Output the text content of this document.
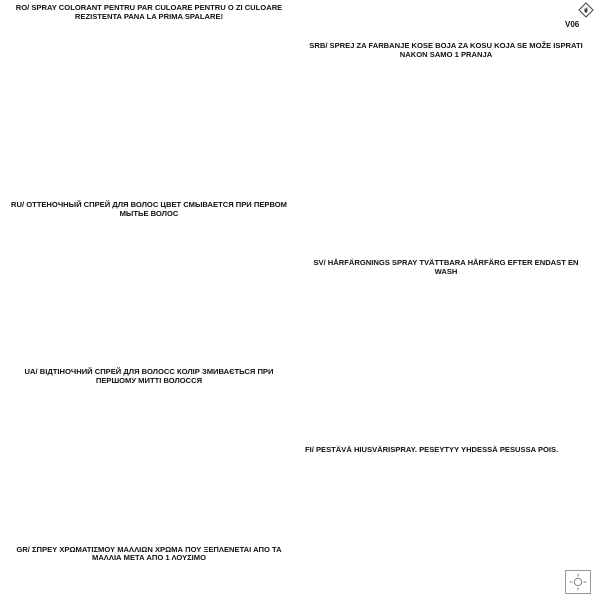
RO/ SPRAY COLORANT PENTRU PAR CULOARE PENTRU O ZI CULOARE REZISTENTA PANA LA PRIMA SPALARE!

RU/ ОТТЕНОЧНЫЙ СПРЕЙ ДЛЯ ВОЛОС ЦВЕТ СМЫВАЕТСЯ ПРИ ПЕРВОМ МЫТЬЕ ВОЛОС

UA/ ВІДТІНОЧНИЙ СПРЕЙ ДЛЯ ВОЛОСС КОЛІР ЗМИВАЄТЬСЯ ПРИ ПЕРШОМУ МИТТІ ВОЛОССЯ

GR/ ΣΠΡΕΥ ΧΡΩΜΑΤΙΣΜΟΥ ΜΑΛΛΙΩΝ ΧΡΩΜΑ ΠΟΥ ΞΕΠΛΕΝΕΤΑΙ ΑΠΟ ΤΑ ΜΑΛΛΙΑ ΜΕΤΑ ΑΠΟ 1 ΛΟΥΣΙΜΟ

SRB/ SPREJ ZA FARBANJE KOSE BOJA ZA KOSU KOJA SE MOŽE ISPRATI NAKON SAMO 1 PRANJA

SV/ HÅRFÄRGNINGS SPRAY TVÄTTBARA HÅRFÄRG EFTER ENDAST EN WASH

FI/ PESTÄVÄ HIUSVÄRISPRAY. PESEYTYY YHDESSÄ PESUSSA POIS.

V06
